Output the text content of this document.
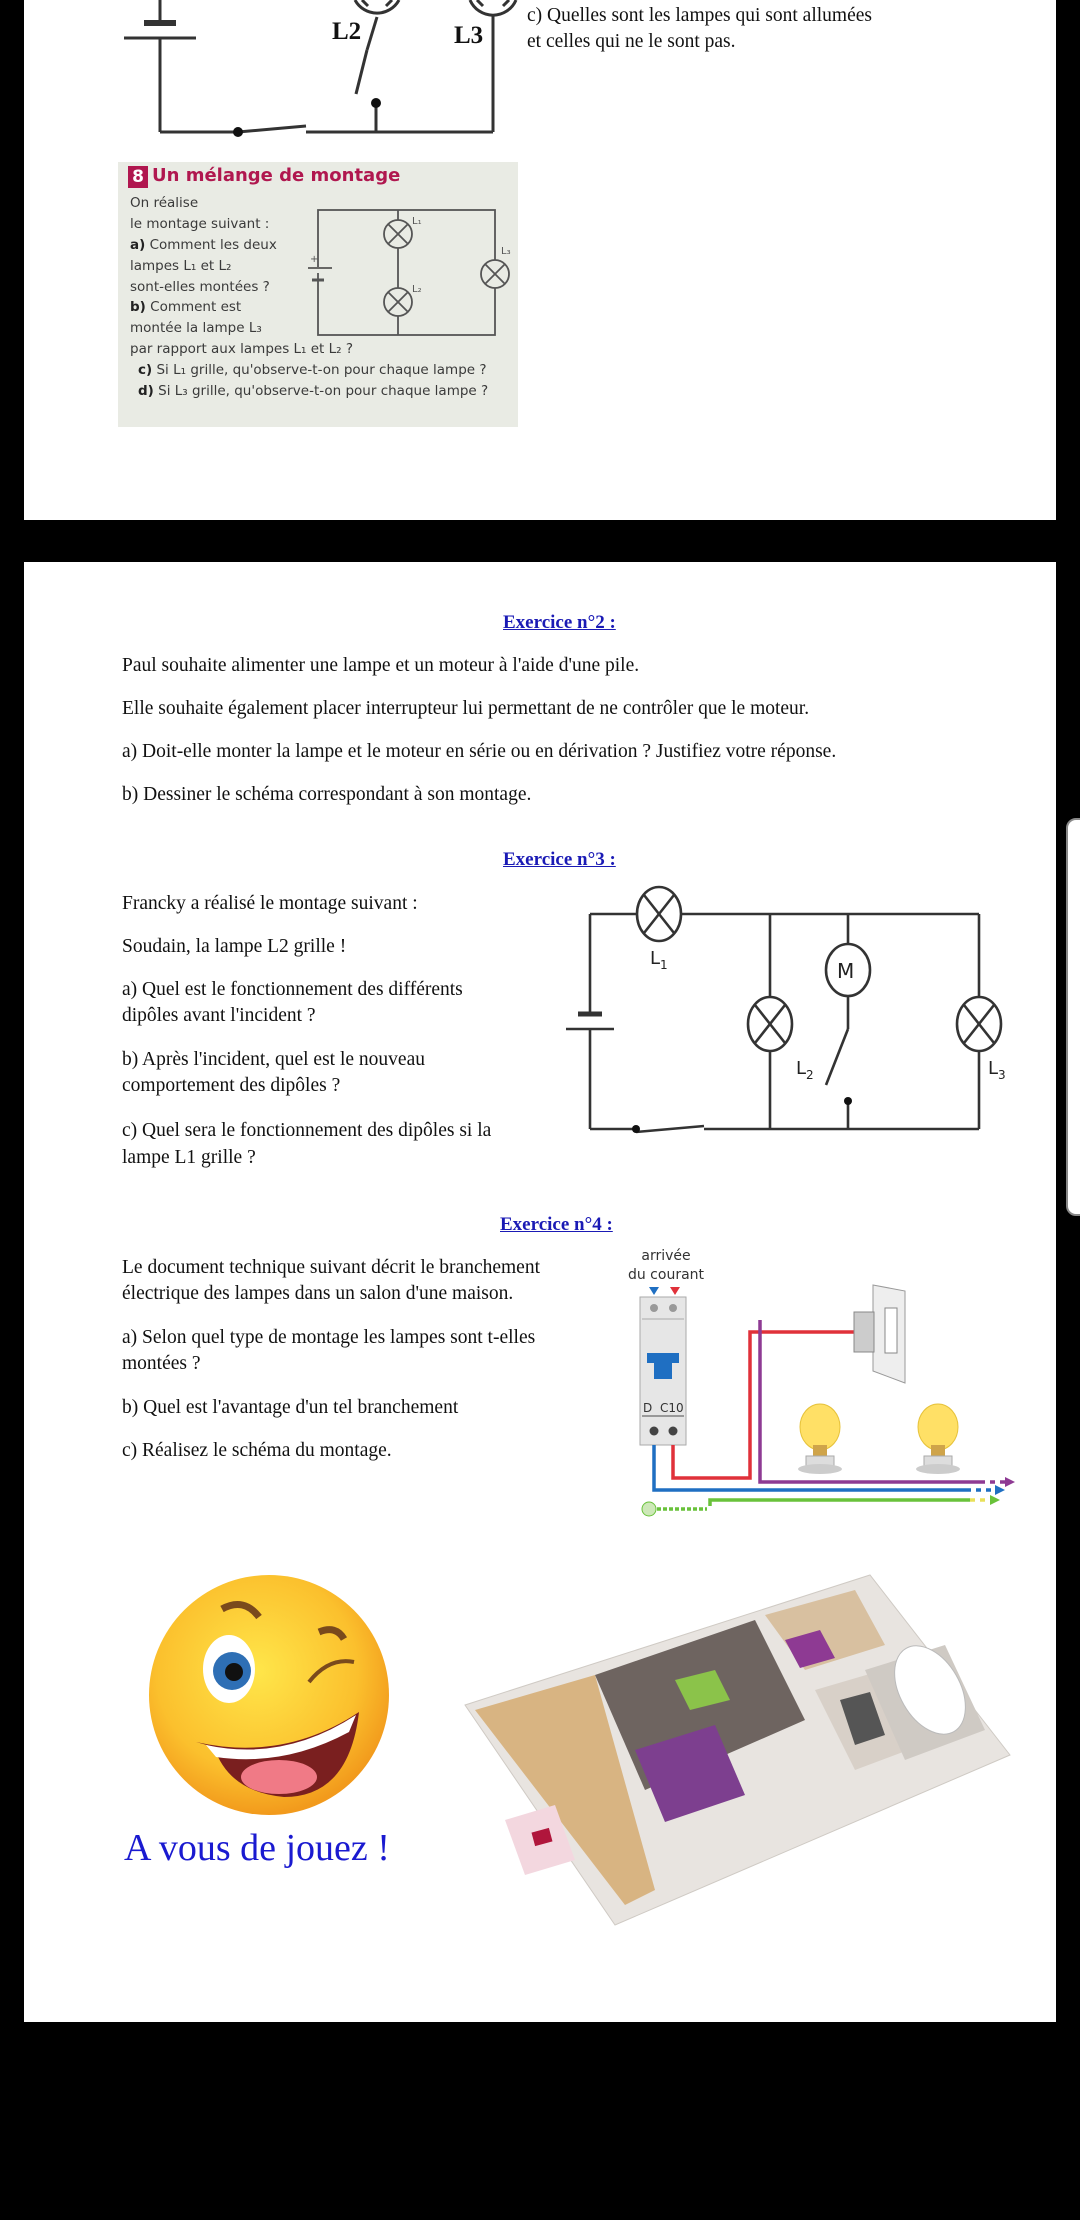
L2	L3
c) Quelles sont les lampes qui sont allumées
et celles qui ne le sont pas.
8 Un mélange de montage
On réalise
le montage suivant :
a) Comment les deux
lampes L₁ et L₂
sont-elles montées ?
b) Comment est
montée la lampe L₃
par rapport aux lampes L₁ et L₂ ?
c) Si L₁ grille, qu'observe-t-on pour chaque lampe ?
d) Si L₃ grille, qu'observe-t-on pour chaque lampe ?
L₁
L₂
L₃
+
Exercice n°2 :
Paul souhaite alimenter une lampe et un moteur à l'aide d'une pile.
Elle souhaite également placer interrupteur lui permettant de ne contrôler que le moteur.
a) Doit-elle monter la lampe et le moteur en série ou en dérivation ? Justifiez votre réponse.
b) Dessiner le schéma correspondant à son montage.
Exercice n°3 :
Francky a réalisé le montage suivant :
Soudain, la lampe L2 grille !
a) Quel est le fonctionnement des différents
dipôles avant l'incident ?
b) Après l'incident, quel est le nouveau
comportement des dipôles ?
c) Quel sera le fonctionnement des dipôles si la
lampe L1 grille ?
M
$L_1$
$L_2$	$L_3$
Exercice n°4 :
Le document technique suivant décrit le branchement
électrique des lampes dans un salon d'une maison.
a) Selon quel type de montage les lampes sont t-elles
montées ?
b) Quel est l'avantage d'un tel branchement
c) Réalisez le schéma du montage.
arrivée
du courant
D C10
A vous de jouez !
